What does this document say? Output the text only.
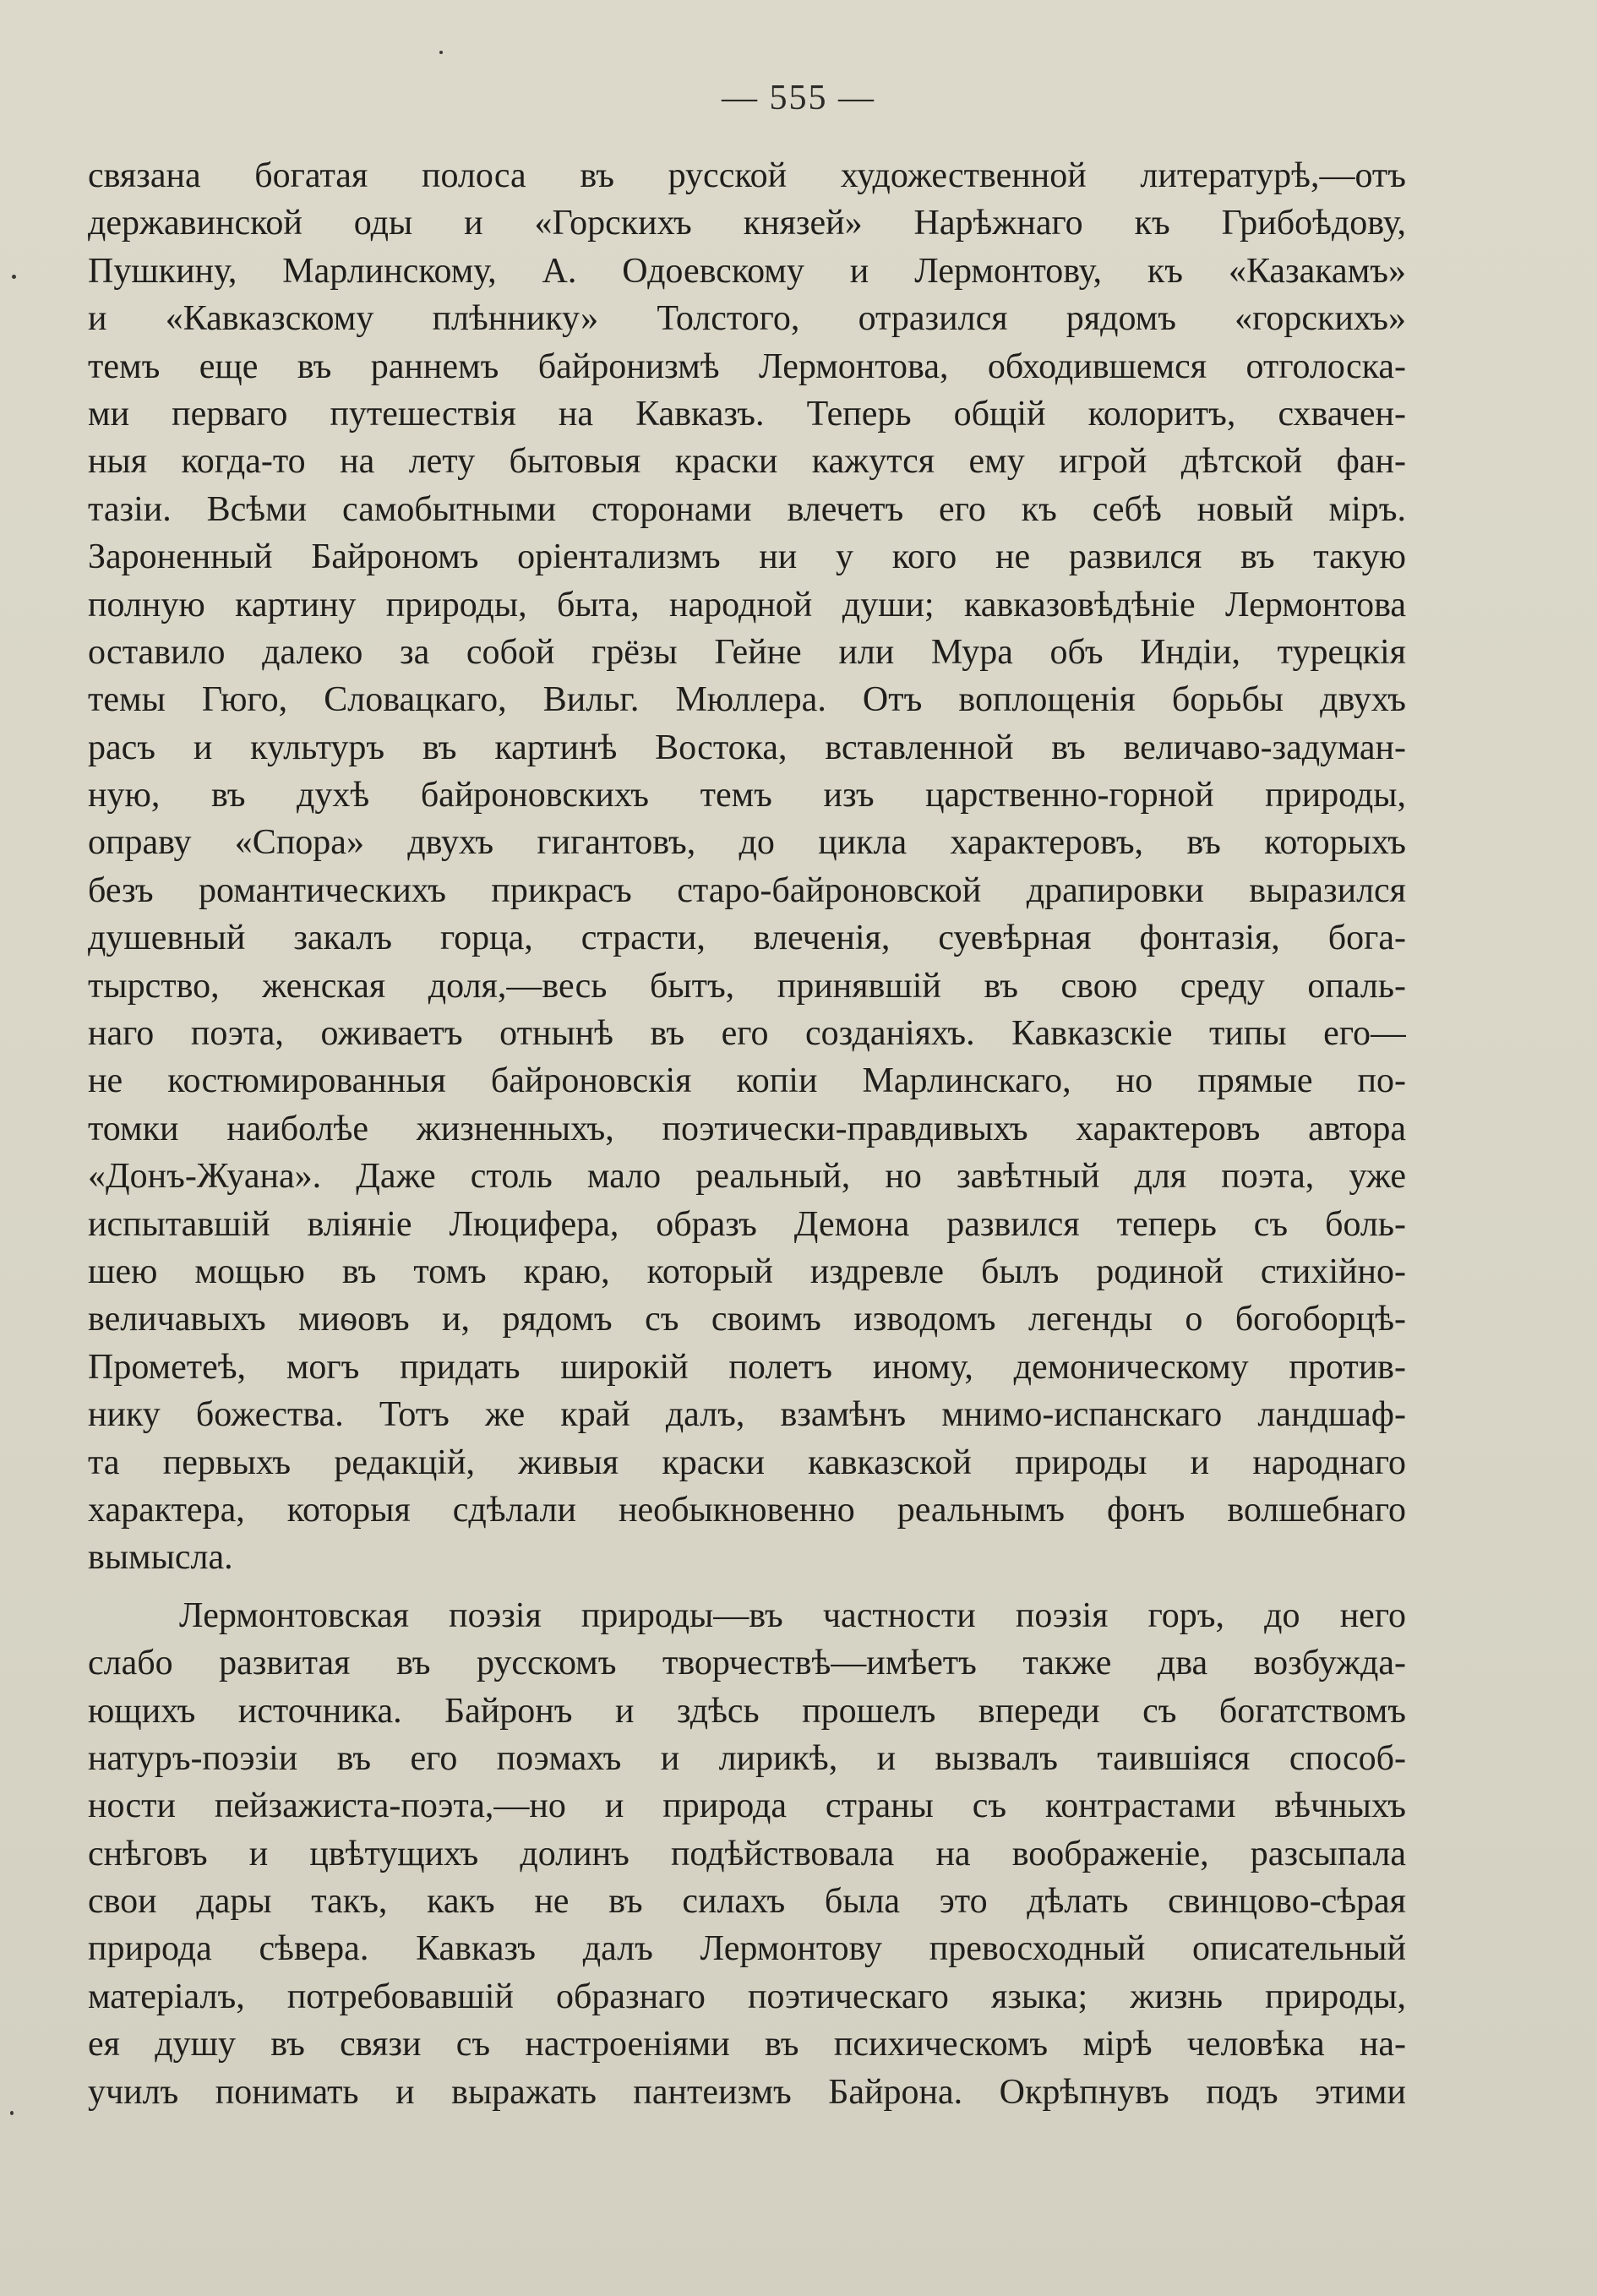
— 555 —
связана богатая полоса въ русской художественной литературѣ,—отъ
державинской оды и «Горскихъ князей» Нарѣжнаго къ Грибоѣдову,
Пушкину, Марлинскому, А. Одоевскому и Лермонтову, къ «Казакамъ»
и «Кавказскому плѣннику» Толстого, отразился рядомъ «горскихъ»
темъ еще въ раннемъ байронизмѣ Лермонтова, обходившемся отголоска-
ми перваго путешествія на Кавказъ. Теперь общій колоритъ, схвачен-
ныя когда-то на лету бытовыя краски кажутся ему игрой дѣтской фан-
тазіи. Всѣми самобытными сторонами влечетъ его къ себѣ новый міръ.
Зароненный Байрономъ оріентализмъ ни у кого не развился въ такую
полную картину природы, быта, народной души; кавказовѣдѣніе Лермонтова
оставило далеко за собой грёзы Гейне или Мура объ Индіи, турецкія
темы Гюго, Словацкаго, Вильг. Мюллера. Отъ воплощенія борьбы двухъ
расъ и культуръ въ картинѣ Востока, вставленной въ величаво-задуман-
ную, въ духѣ байроновскихъ темъ изъ царственно-горной природы,
оправу «Спора» двухъ гигантовъ, до цикла характеровъ, въ которыхъ
безъ романтическихъ прикрасъ старо-байроновской драпировки выразился
душевный закалъ горца, страсти, влеченія, суевѣрная фонтазія, бога-
тырство, женская доля,—весь бытъ, принявшій въ свою среду опаль-
наго поэта, оживаетъ отнынѣ въ его созданіяхъ. Кавказскіе типы его—
не костюмированныя байроновскія копіи Марлинскаго, но прямые по-
томки наиболѣе жизненныхъ, поэтически-правдивыхъ характеровъ автора
«Донъ-Жуана». Даже столь мало реальный, но завѣтный для поэта, уже
испытавшій вліяніе Люцифера, образъ Демона развился теперь съ боль-
шею мощью въ томъ краю, который издревле былъ родиной стихійно-
величавыхъ миѳовъ и, рядомъ съ своимъ изводомъ легенды о богоборцѣ-
Прометеѣ, могъ придать широкій полетъ иному, демоническому против-
нику божества. Тотъ же край далъ, взамѣнъ мнимо-испанскаго ландшаф-
та первыхъ редакцій, живыя краски кавказской природы и народнаго
характера, которыя сдѣлали необыкновенно реальнымъ фонъ волшебнаго
вымысла.
Лермонтовская поэзія природы—въ частности поэзія горъ, до него
слабо развитая въ русскомъ творчествѣ—имѣетъ также два возбужда-
ющихъ источника. Байронъ и здѣсь прошелъ впереди съ богатствомъ
натуръ-поэзіи въ его поэмахъ и лирикѣ, и вызвалъ таившіяся способ-
ности пейзажиста-поэта,—но и природа страны съ контрастами вѣчныхъ
снѣговъ и цвѣтущихъ долинъ подѣйствовала на воображеніе, разсыпала
свои дары такъ, какъ не въ силахъ была это дѣлать свинцово-сѣрая
природа сѣвера. Кавказъ далъ Лермонтову превосходный описательный
матеріалъ, потребовавшій образнаго поэтическаго языка; жизнь природы,
ея душу въ связи съ настроеніями въ психическомъ мірѣ человѣка на-
училъ понимать и выражать пантеизмъ Байрона. Окрѣпнувъ подъ этими
